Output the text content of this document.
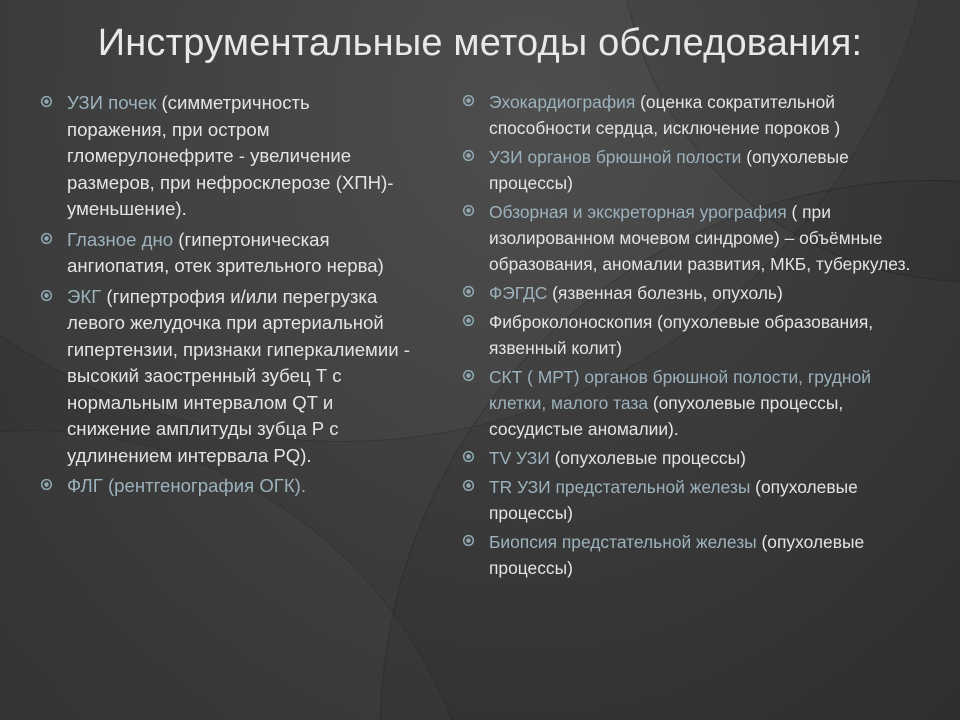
Инструментальные методы обследования:
УЗИ почек (симметричность поражения, при остром гломерулонефрите - увеличение размеров, при нефросклерозе (ХПН)- уменьшение).
Глазное дно (гипертоническая ангиопатия, отек зрительного нерва)
ЭКГ (гипертрофия и/или перегрузка левого желудочка при артериальной гипертензии, признаки гиперкалиемии - высокий заостренный зубец Т с нормальным интервалом QT и снижение амплитуды зубца Р с удлинением интервала PQ).
ФЛГ (рентгенография ОГК).
Эхокардиография (оценка сократительной способности сердца, исключение пороков )
УЗИ органов брюшной полости (опухолевые процессы)
Обзорная и экскреторная урография ( при изолированном мочевом синдроме) – объёмные образования, аномалии развития, МКБ, туберкулез.
ФЭГДС (язвенная болезнь, опухоль)
Фиброколоноскопия (опухолевые образования, язвенный колит)
СКТ ( МРТ) органов брюшной полости, грудной клетки, малого таза (опухолевые процессы, сосудистые аномалии).
TV УЗИ (опухолевые процессы)
TR УЗИ предстательной железы (опухолевые процессы)
Биопсия предстательной железы (опухолевые процессы)
